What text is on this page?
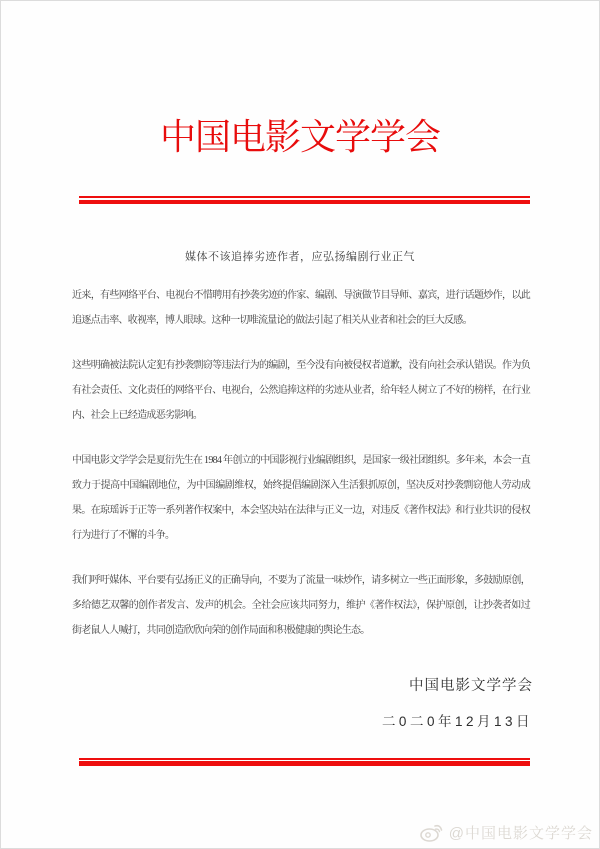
中国电影文学学会
媒体不该追捧劣迹作者，应弘扬编剧行业正气

近来，有些网络平台、电视台不惜聘用有抄袭劣迹的作家、编剧、导演做节目导师、嘉宾，进行话题炒作，以此追逐点击率、收视率，博人眼球。这种一切唯流量论的做法引起了相关从业者和社会的巨大反感。

这些明确被法院认定犯有抄袭剽窃等违法行为的编剧，至今没有向被侵权者道歉，没有向社会承认错误。作为负有社会责任、文化责任的网络平台、电视台，公然追捧这样的劣迹从业者，给年轻人树立了不好的榜样，在行业内、社会上已经造成恶劣影响。

中国电影文学学会是夏衍先生在 1984 年创立的中国影视行业编剧组织，是国家一级社团组织。多年来，本会一直致力于提高中国编剧地位，为中国编剧维权，始终提倡编剧深入生活狠抓原创，坚决反对抄袭剽窃他人劳动成果。在琼瑶诉于正等一系列著作权案中，本会坚决站在法律与正义一边，对违反《著作权法》和行业共识的侵权行为进行了不懈的斗争。

我们呼吁媒体、平台要有弘扬正义的正确导向，不要为了流量一味炒作，请多树立一些正面形象，多鼓励原创，多给德艺双馨的创作者发言、发声的机会。全社会应该共同努力，维护《著作权法》，保护原创，让抄袭者如过街老鼠人人喊打，共同创造欣欣向荣的创作局面和积极健康的舆论生态。

中国电影文学学会
二0二0年12月13日
@中国电影文学学会
